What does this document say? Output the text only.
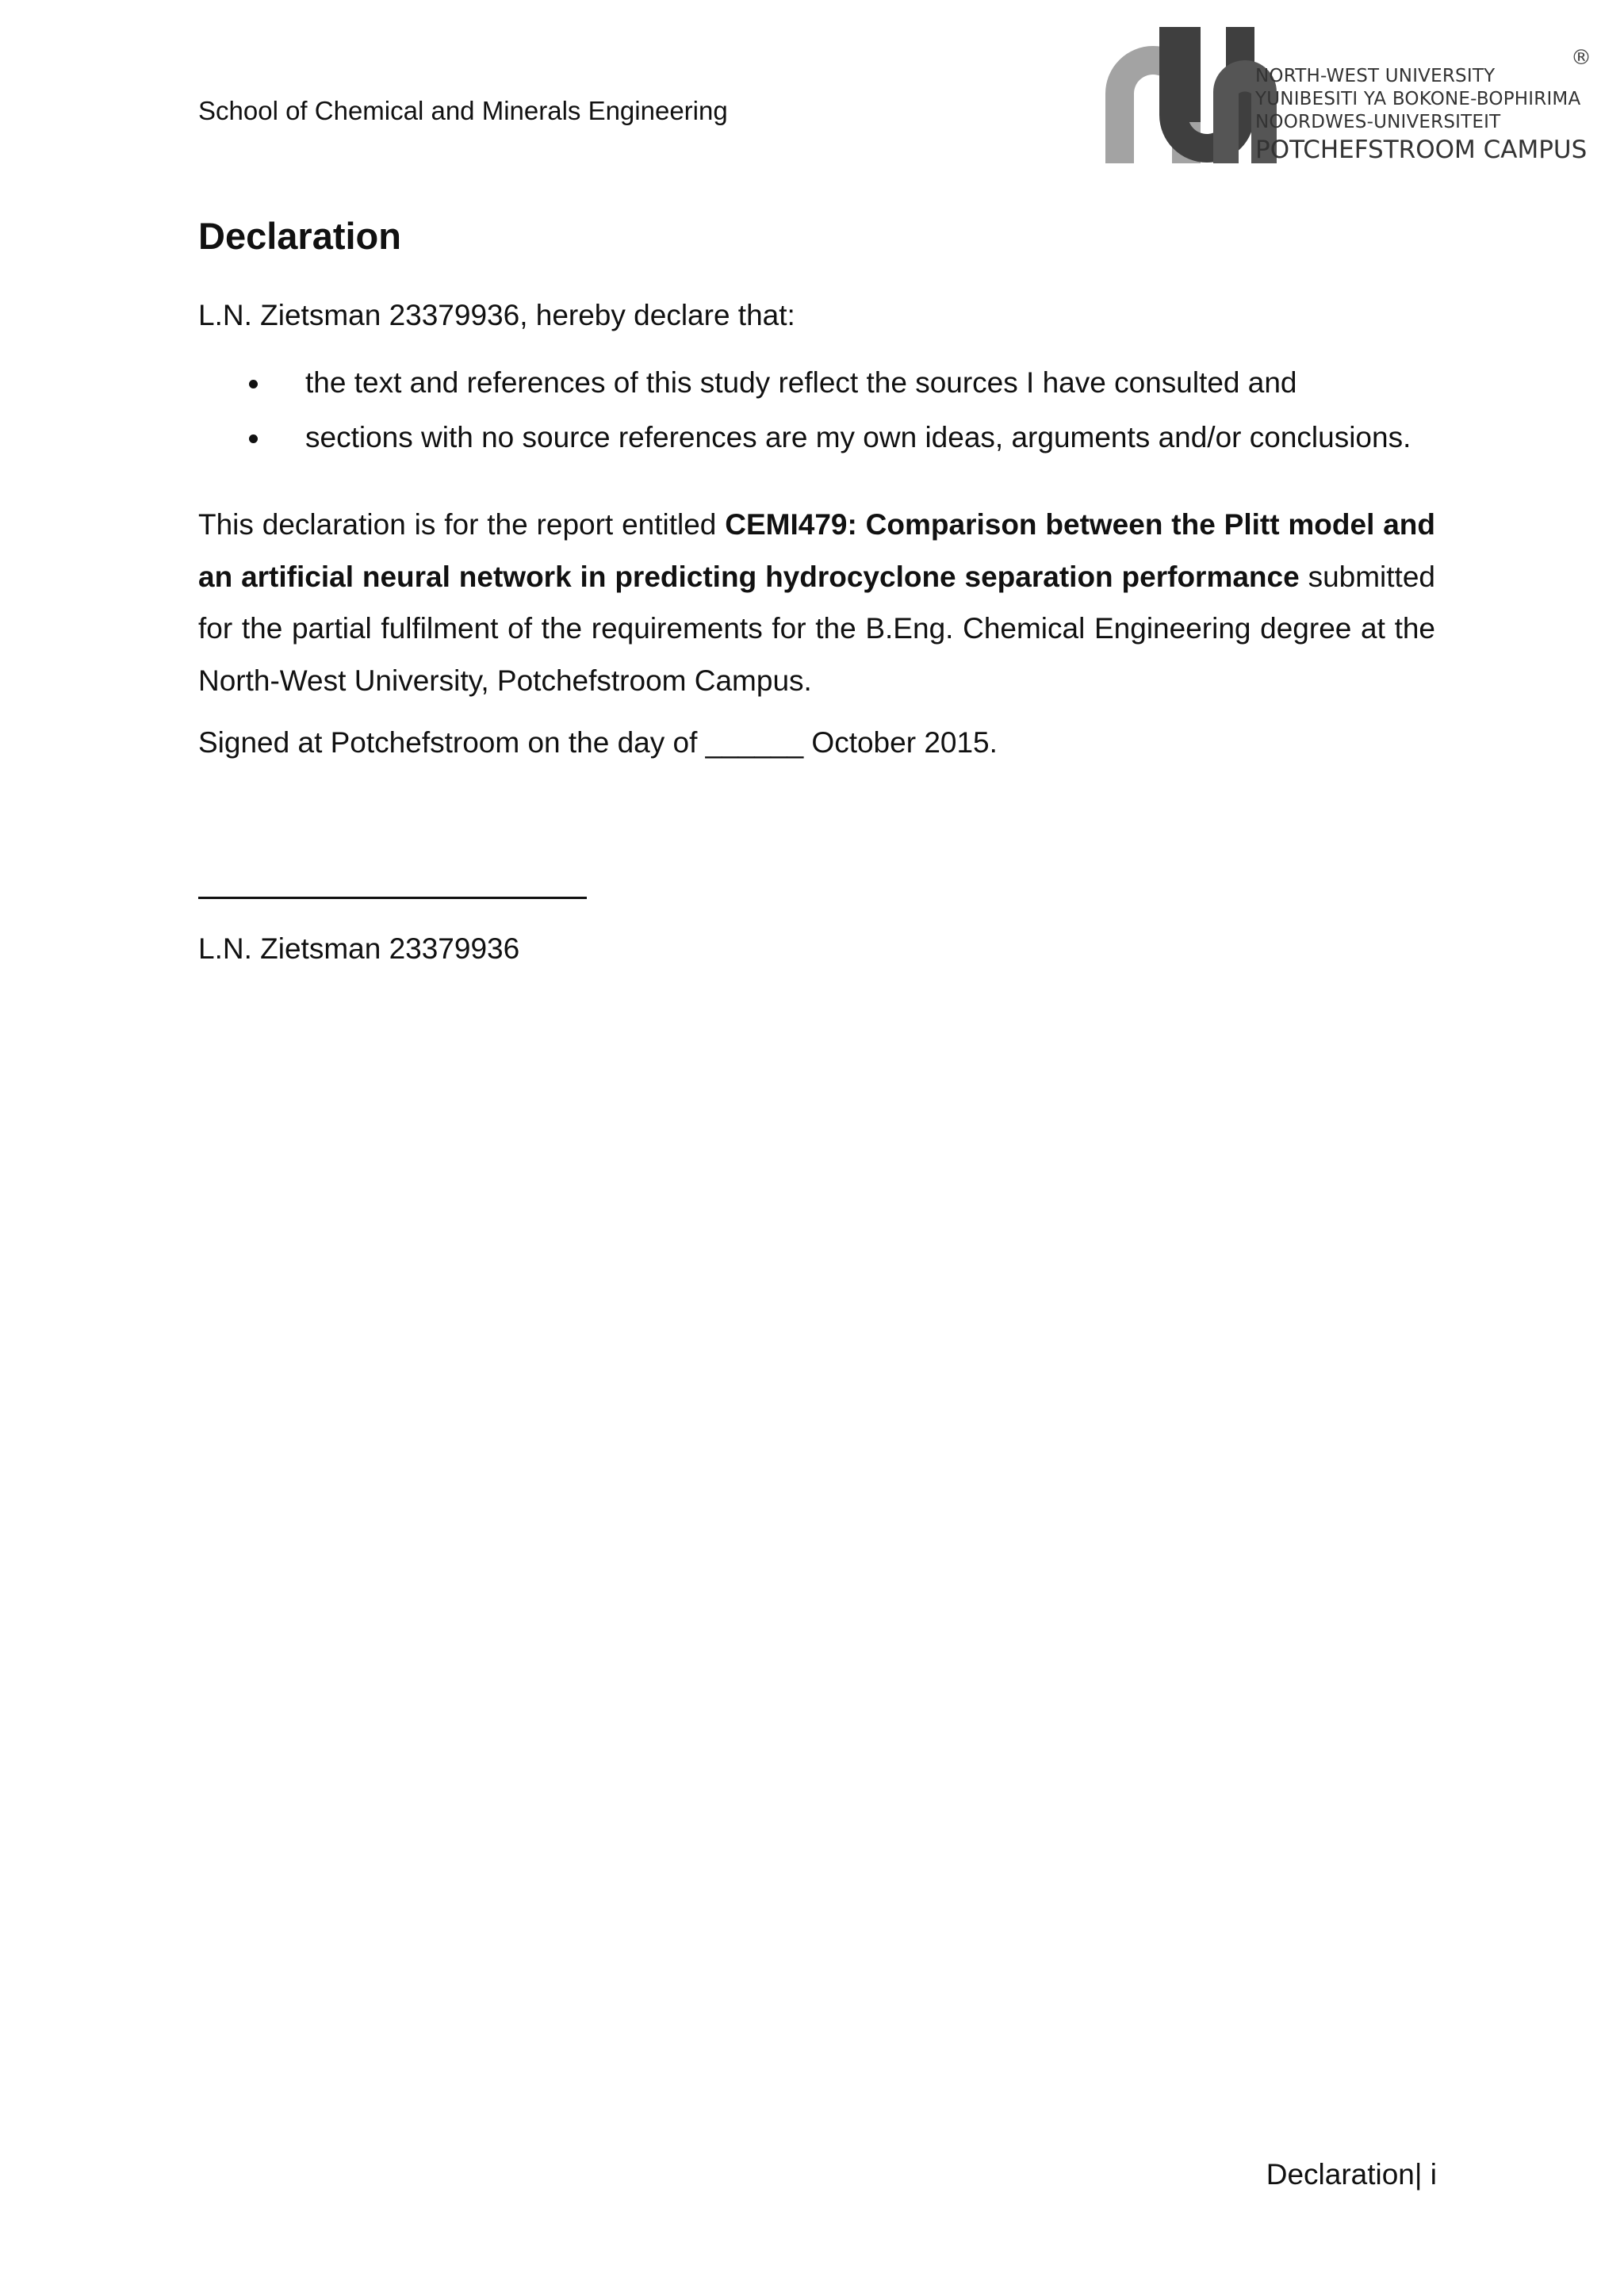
School of Chemical and Minerals Engineering
NORTH-WEST UNIVERSITY
YUNIBESITI YA BOKONE-BOPHIRIMA
NOORDWES-UNIVERSITEIT
POTCHEFSTROOM CAMPUS
®
Declaration
L.N. Zietsman 23379936, hereby declare that:
the text and references of this study reflect the sources I have consulted and
sections with no source references are my own ideas, arguments and/or conclusions.

This declaration is for the report entitled CEMI479: Comparison between the Plitt model and an artificial neural network in predicting hydrocyclone separation performance submitted for the partial fulfilment of the requirements for the B.Eng. Chemical Engineering degree at the North-West University, Potchefstroom Campus.

Signed at Potchefstroom on the day of ______ October 2015.
L.N. Zietsman 23379936
Declaration| i
